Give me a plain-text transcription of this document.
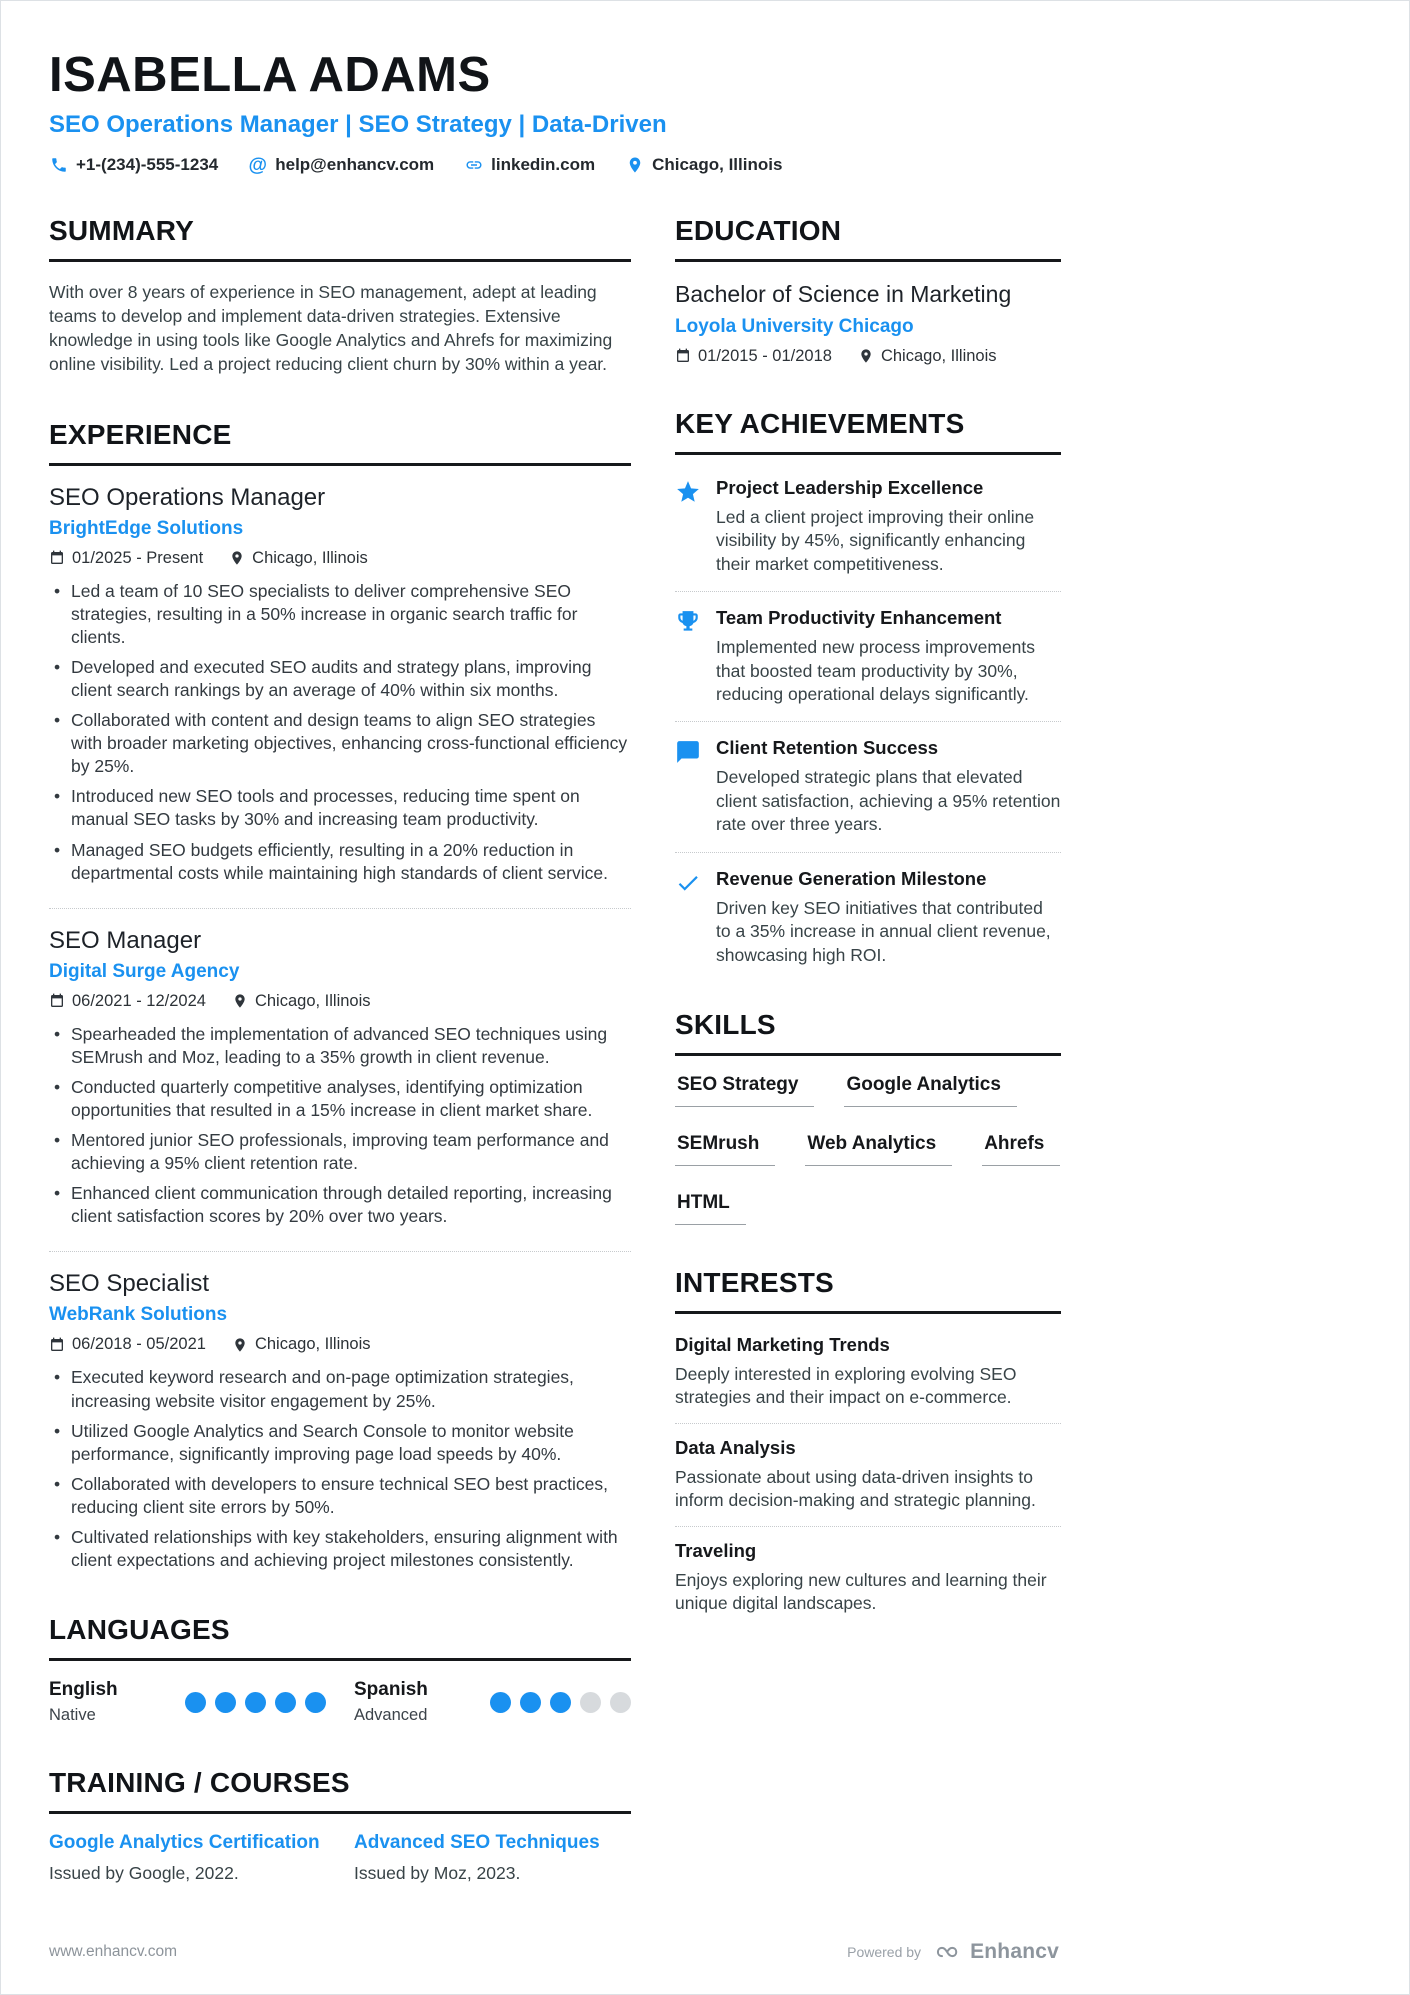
ISABELLA ADAMS
SEO Operations Manager | SEO Strategy | Data-Driven
+1-(234)-555-1234 @ help@enhancv.com	linkedin.com	Chicago, Illinois
SUMMARY

With over 8 years of experience in SEO management, adept at leading teams to develop and implement data-driven strategies. Extensive knowledge in using tools like Google Analytics and Ahrefs for maximizing online visibility. Led a project reducing client churn by 30% within a year.

EXPERIENCE
SEO Operations Manager
BrightEdge Solutions
01/2025 - Present	Chicago, Illinois
• Led a team of 10 SEO specialists to deliver comprehensive SEO strategies, resulting in a 50% increase in organic search traffic for clients.
• Developed and executed SEO audits and strategy plans, improving client search rankings by an average of 40% within six months.
• Collaborated with content and design teams to align SEO strategies with broader marketing objectives, enhancing cross-functional efficiency by 25%.
• Introduced new SEO tools and processes, reducing time spent on manual SEO tasks by 30% and increasing team productivity.
• Managed SEO budgets efficiently, resulting in a 20% reduction in departmental costs while maintaining high standards of client service.
SEO Manager
Digital Surge Agency
06/2021 - 12/2024	Chicago, Illinois
• Spearheaded the implementation of advanced SEO techniques using SEMrush and Moz, leading to a 35% growth in client revenue.
• Conducted quarterly competitive analyses, identifying optimization opportunities that resulted in a 15% increase in client market share.
• Mentored junior SEO professionals, improving team performance and achieving a 95% client retention rate.
• Enhanced client communication through detailed reporting, increasing client satisfaction scores by 20% over two years.
SEO Specialist
WebRank Solutions
06/2018 - 05/2021	Chicago, Illinois
• Executed keyword research and on-page optimization strategies, increasing website visitor engagement by 25%.
• Utilized Google Analytics and Search Console to monitor website performance, significantly improving page load speeds by 40%.
• Collaborated with developers to ensure technical SEO best practices, reducing client site errors by 50%.
• Cultivated relationships with key stakeholders, ensuring alignment with client expectations and achieving project milestones consistently.
LANGUAGES
English
Native
Spanish
Advanced
TRAINING / COURSES
Google Analytics Certification
Issued by Google, 2022.
Advanced SEO Techniques
Issued by Moz, 2023.
EDUCATION
Bachelor of Science in Marketing
Loyola University Chicago
01/2015 - 01/2018	Chicago, Illinois
KEY ACHIEVEMENTS
Project Leadership Excellence
Led a client project improving their online visibility by 45%, significantly enhancing their market competitiveness.
Team Productivity Enhancement
Implemented new process improvements that boosted team productivity by 30%, reducing operational delays significantly.
Client Retention Success
Developed strategic plans that elevated client satisfaction, achieving a 95% retention rate over three years.
Revenue Generation Milestone
Driven key SEO initiatives that contributed to a 35% increase in annual client revenue, showcasing high ROI.
SKILLS
SEO Strategy	Google Analytics
SEMrush	Web Analytics	Ahrefs
HTML
INTERESTS
Digital Marketing Trends
Deeply interested in exploring evolving SEO strategies and their impact on e-commerce.
Data Analysis
Passionate about using data-driven insights to inform decision-making and strategic planning.
Traveling
Enjoys exploring new cultures and learning their unique digital landscapes.
www.enhancv.com	Powered by Enhancv
